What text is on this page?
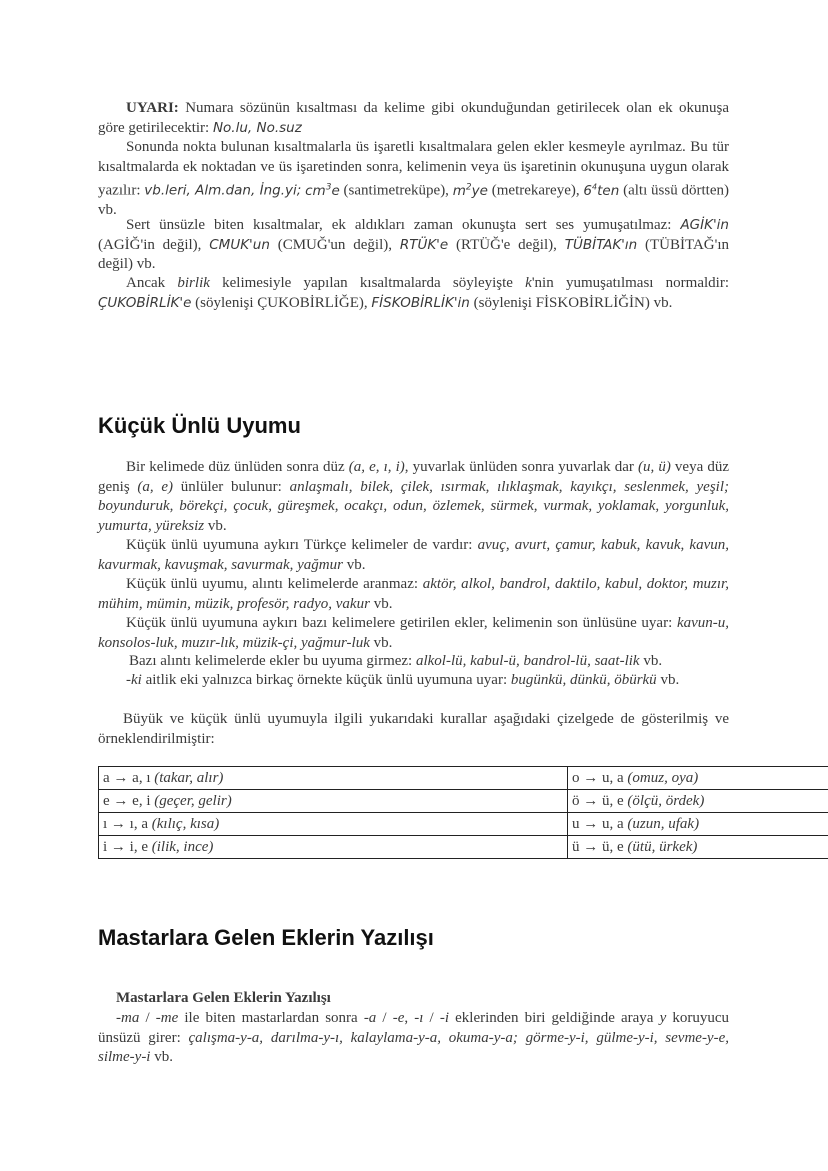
UYARI: Numara sözünün kısaltması da kelime gibi okunduğundan getirilecek olan ek okunuşa göre getirilecektir: No.lu, No.suz

Sonunda nokta bulunan kısaltmalarla üs işaretli kısaltmalara gelen ekler kesmeyle ayrılmaz. Bu tür kısaltmalarda ek noktadan ve üs işaretinden sonra, kelimenin veya üs işaretinin okunuşuna uygun olarak yazılır: vb.leri, Alm.dan, İng.yi; $cm^3e$ (santimetreküpe), $m^2ye$ (metrekareye), $6^4ten$ (altı üssü dörtten) vb.

Sert ünsüzle biten kısaltmalar, ek aldıkları zaman okunuşta sert ses yumuşatılmaz: AGİK'in (AGİĞ'in değil), CMUK'un (CMUĞ'un değil), RTÜK'e (RTÜĞ'e değil), TÜBİTAK'ın (TÜBİTAĞ'ın değil) vb.

Ancak birlik kelimesiyle yapılan kısaltmalarda söyleyişte k'nin yumuşatılması normaldir: ÇUKOBİRLİK'e (söylenişi ÇUKOBİRLİĞE), FİSKOBİRLİK'in (söylenişi FİSKOBİRLİĞİN) vb.

Küçük Ünlü Uyumu

Bir kelimede düz ünlüden sonra düz (a, e, ı, i), yuvarlak ünlüden sonra yuvarlak dar (u, ü) veya düz geniş (a, e) ünlüler bulunur: anlaşmalı, bilek, çilek, ısırmak, ılıklaşmak, kayıkçı, seslenmek, yeşil; boyunduruk, börekçi, çocuk, güreşmek, ocakçı, odun, özlemek, sürmek, vurmak, yoklamak, yorgunluk, yumurta, yüreksiz vb.

Küçük ünlü uyumuna aykırı Türkçe kelimeler de vardır: avuç, avurt, çamur, kabuk, kavuk, kavun, kavurmak, kavuşmak, savurmak, yağmur vb.

Küçük ünlü uyumu, alıntı kelimelerde aranmaz: aktör, alkol, bandrol, daktilo, kabul, doktor, muzır, mühim, mümin, müzik, profesör, radyo, vakur vb.

Küçük ünlü uyumuna aykırı bazı kelimelere getirilen ekler, kelimenin son ünlüsüne uyar: kavun-u, konsolos-luk, muzır-lık, müzik-çi, yağmur-luk vb.

Bazı alıntı kelimelerde ekler bu uyuma girmez: alkol-lü, kabul-ü, bandrol-lü, saat-lik vb.

-ki aitlik eki yalnızca birkaç örnekte küçük ünlü uyumuna uyar: bugünkü, dünkü, öbürkü vb.

Büyük ve küçük ünlü uyumuyla ilgili yukarıdaki kurallar aşağıdaki çizelgede de gösterilmiş ve örneklendirilmiştir:

a → a, ı (takar, alır)	o → u, a (omuz, oya)
e → e, i (geçer, gelir)	ö → ü, e (ölçü, ördek)
ı → ı, a (kılıç, kısa)	u → u, a (uzun, ufak)
i → i, e (ilik, ince)	ü → ü, e (ütü, ürkek)
Mastarlara Gelen Eklerin Yazılışı
Mastarlara Gelen Eklerin Yazılışı

-ma / -me ile biten mastarlardan sonra -a / -e, -ı / -i eklerinden biri geldiğinde araya y koruyucu ünsüzü girer: çalışma-y-a, darılma-y-ı, kalaylama-y-a, okuma-y-a; görme-y-i, gülme-y-i, sevme-y-e, silme-y-i vb.
